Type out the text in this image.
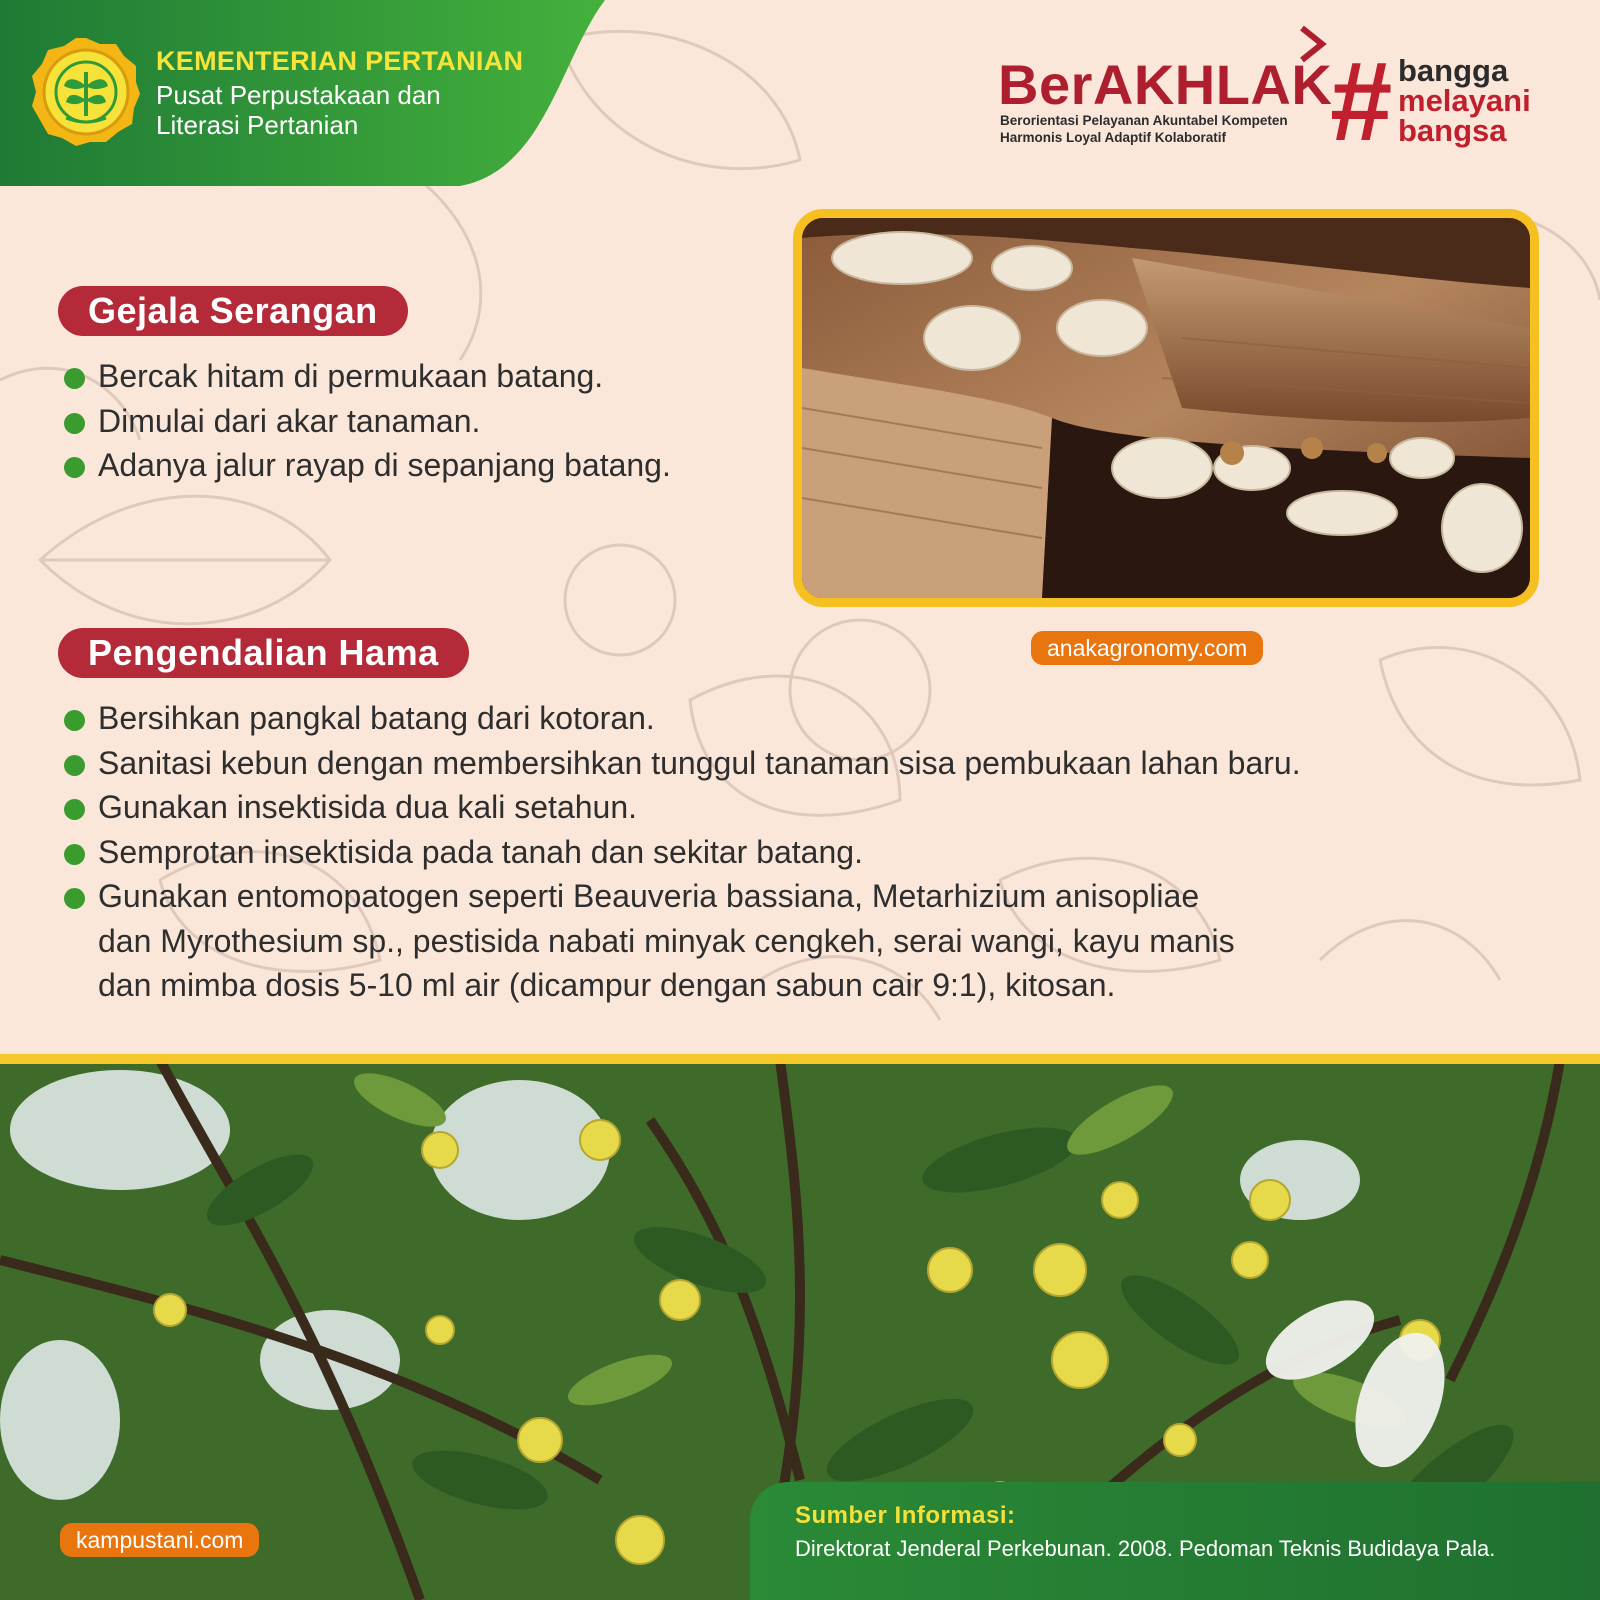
KEMENTERIAN PERTANIAN
Pusat Perpustakaan dan
Literasi Pertanian
BerAKHLAK
Berorientasi Pelayanan Akuntabel Kompeten
Harmonis Loyal Adaptif Kolaboratif # bangga
melayani
bangsa
anakagronomy.com
Gejala Serangan
Bercak hitam di permukaan batang.
Dimulai dari akar tanaman.
Adanya jalur rayap di sepanjang batang.
Pengendalian Hama
Bersihkan pangkal batang dari kotoran.
Sanitasi kebun dengan membersihkan tunggul tanaman sisa pembukaan lahan baru.
Gunakan insektisida dua kali setahun.
Semprotan insektisida pada tanah dan sekitar batang.
Gunakan entomopatogen seperti Beauveria bassiana, Metarhizium anisopliae
dan Myrothesium sp., pestisida nabati minyak cengkeh, serai wangi, kayu manis
dan mimba dosis 5-10 ml air (dicampur dengan sabun cair 9:1), kitosan.
kampustani.com
Sumber Informasi:
Direktorat Jenderal Perkebunan. 2008. Pedoman Teknis Budidaya Pala.
